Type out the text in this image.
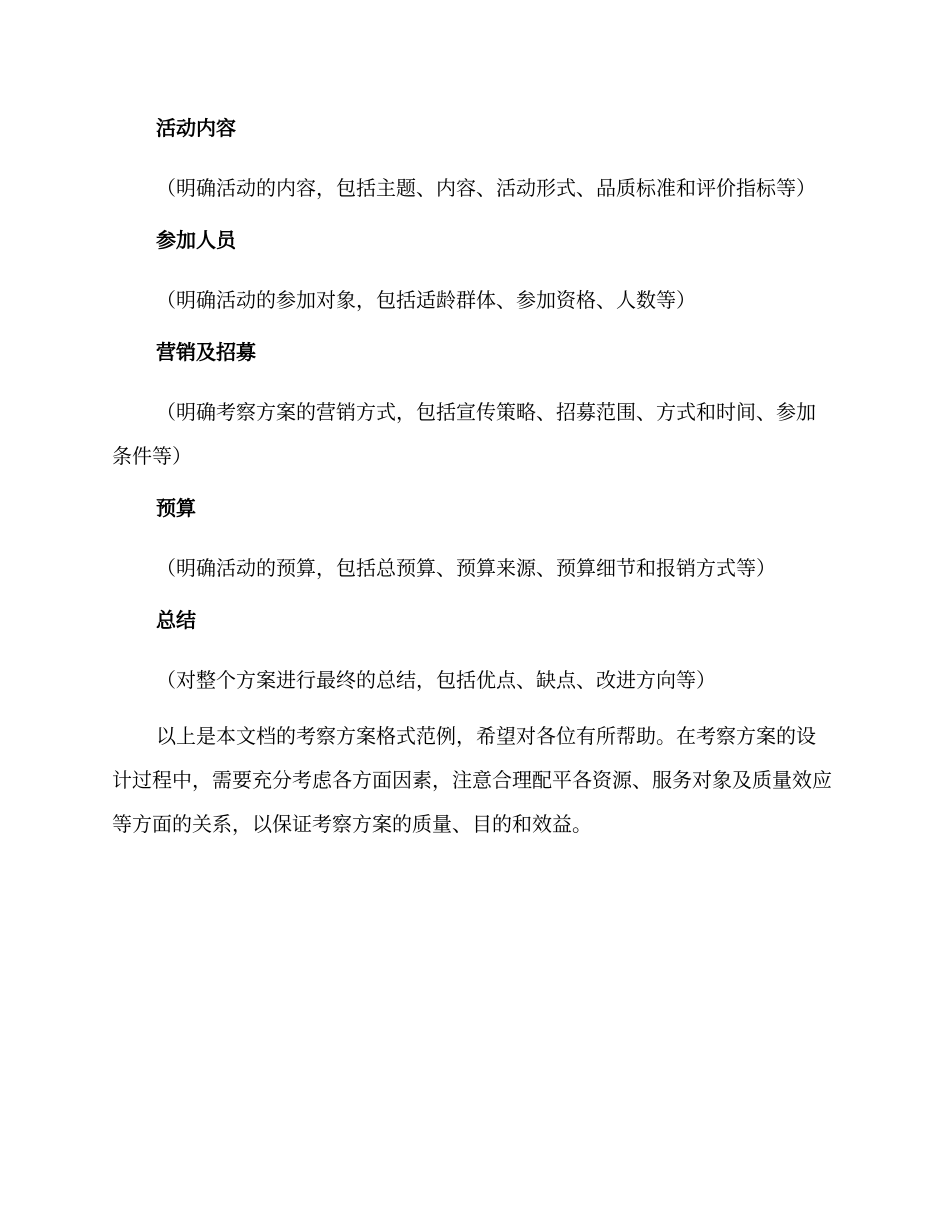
活动内容
（明确活动的内容，包括主题、内容、活动形式、品质标准和评价指标等）
参加人员
（明确活动的参加对象，包括适龄群体、参加资格、人数等）
营销及招募
（明确考察方案的营销方式，包括宣传策略、招募范围、方式和时间、参加条件等）
预算
（明确活动的预算，包括总预算、预算来源、预算细节和报销方式等）
总结
（对整个方案进行最终的总结，包括优点、缺点、改进方向等）
以上是本文档的考察方案格式范例，希望对各位有所帮助。在考察方案的设计过程中，需要充分考虑各方面因素，注意合理配平各资源、服务对象及质量效应等方面的关系，以保证考察方案的质量、目的和效益。
